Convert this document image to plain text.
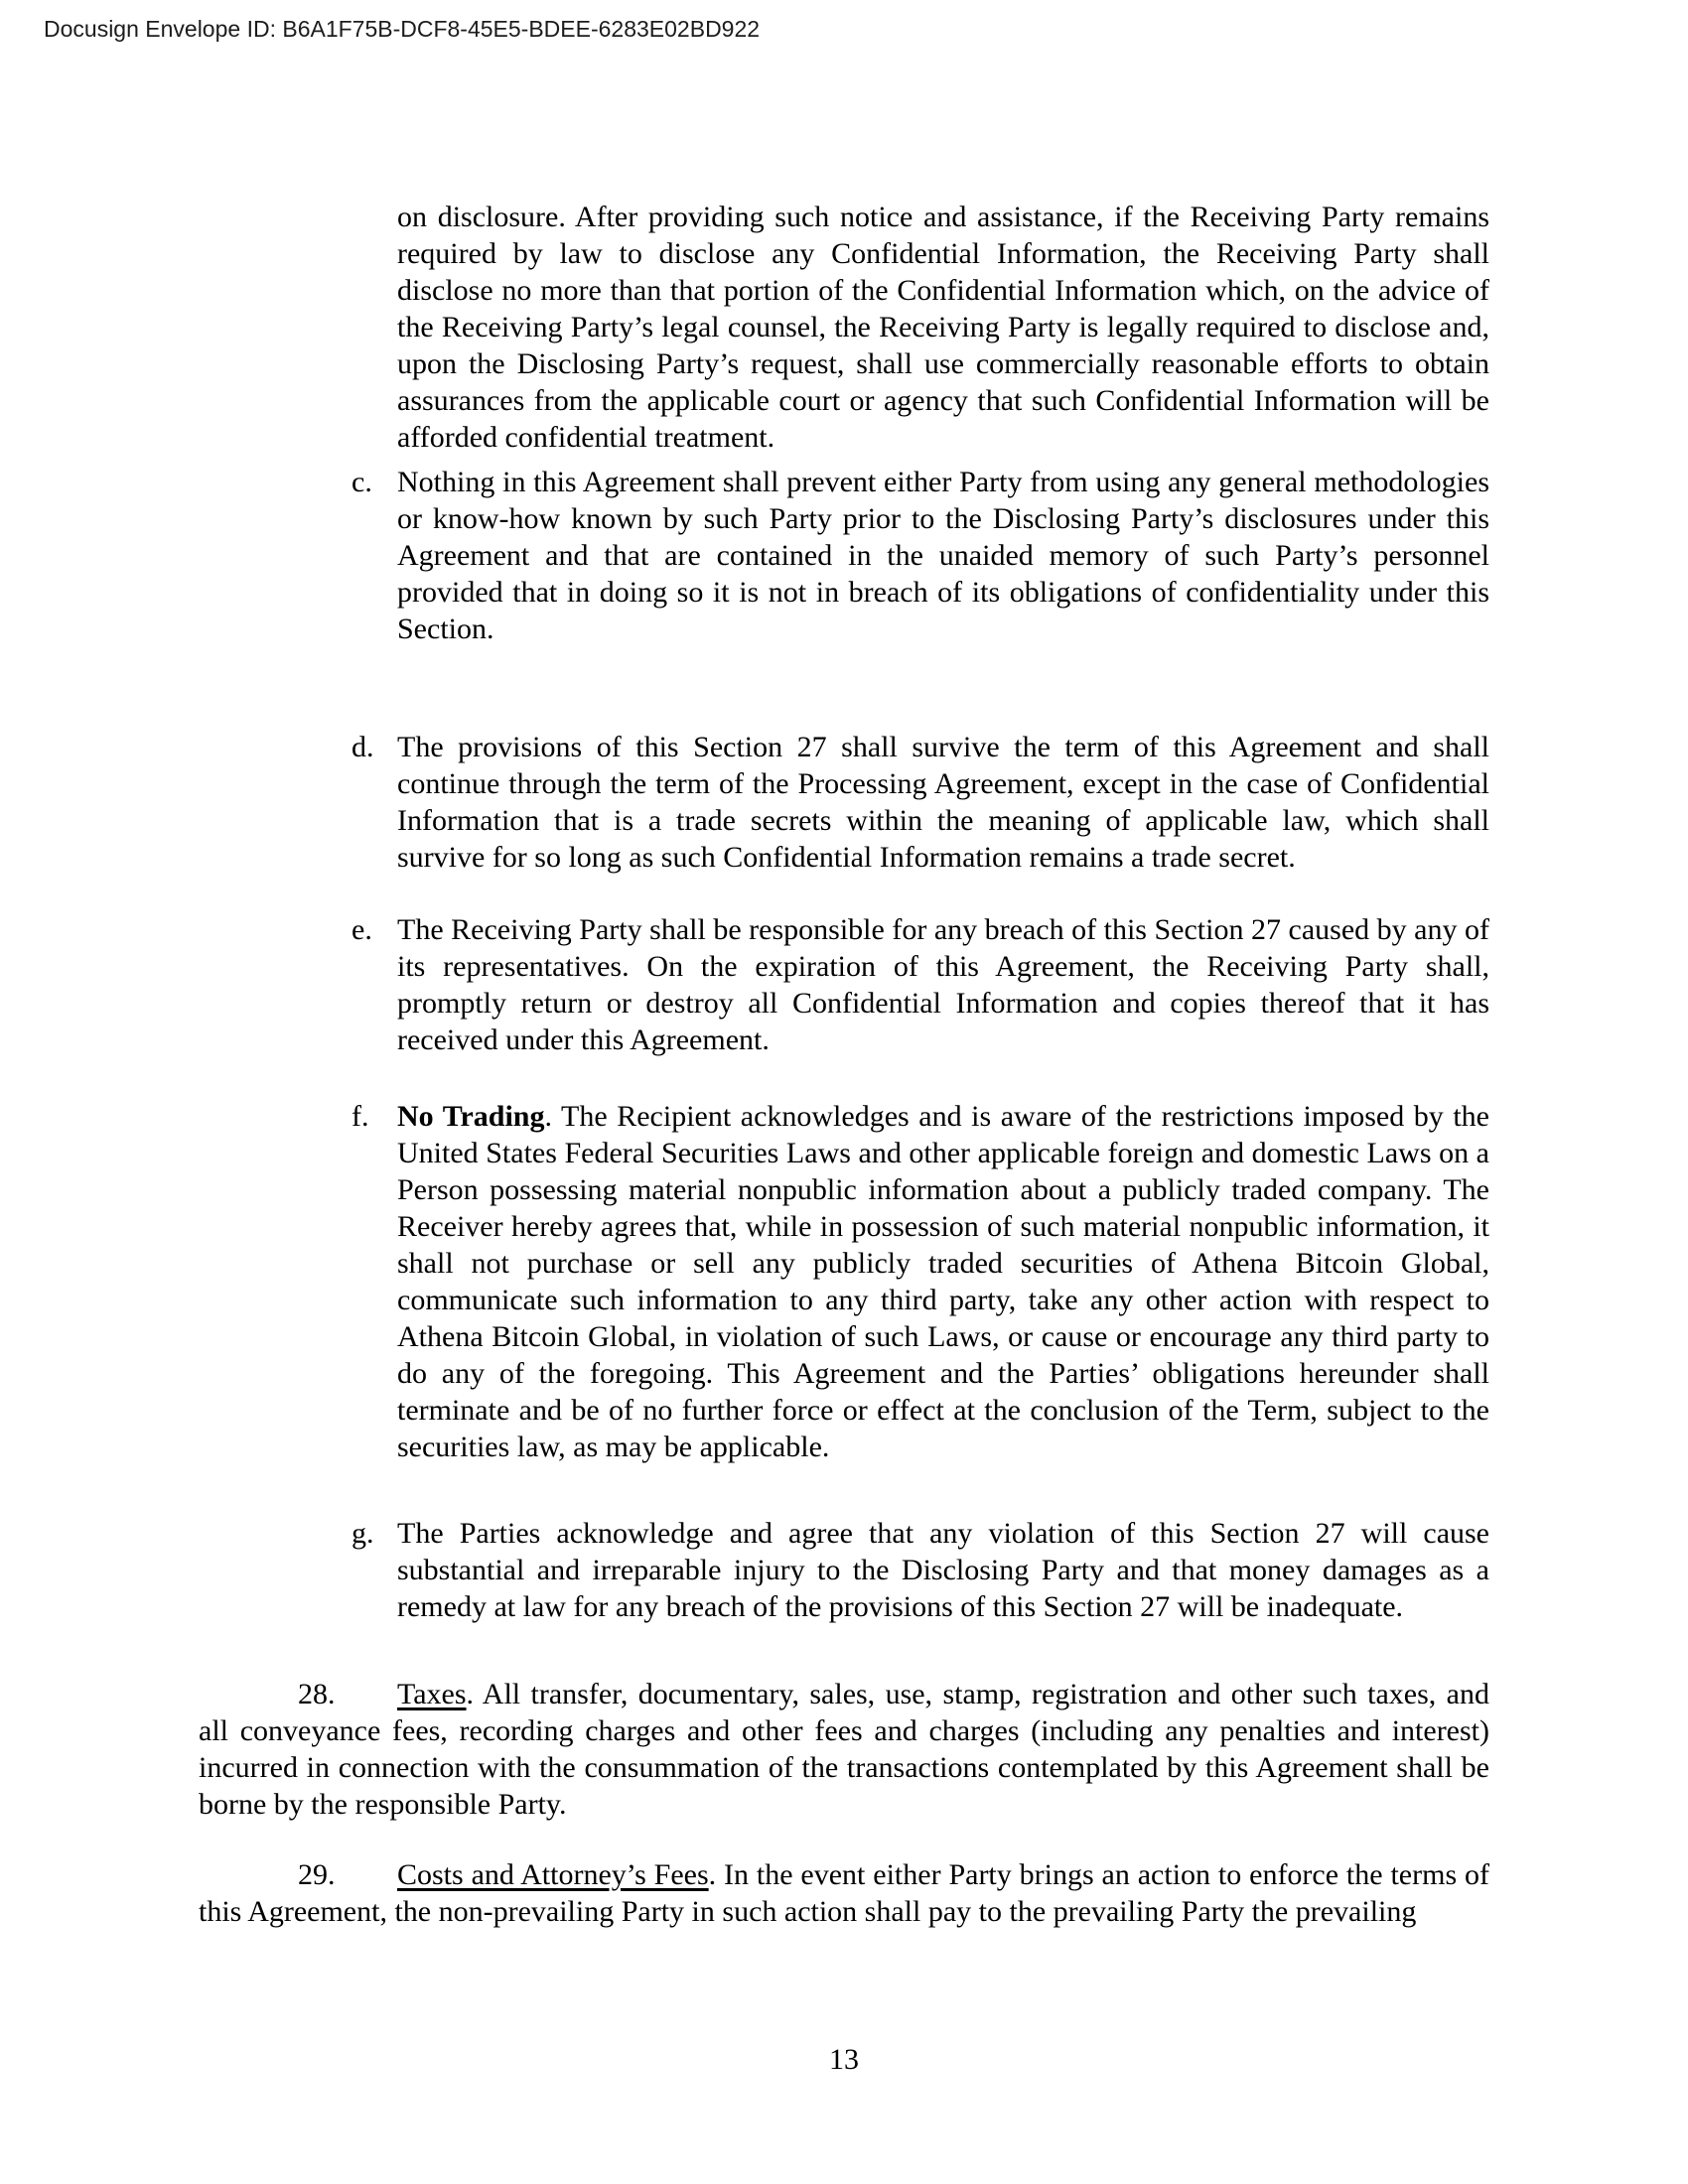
Docusign Envelope ID: B6A1F75B-DCF8-45E5-BDEE-6283E02BD922

on disclosure. After providing such notice and assistance, if the Receiving Party remains required by law to disclose any Confidential Information, the Receiving Party shall disclose no more than that portion of the Confidential Information which, on the advice of the Receiving Party’s legal counsel, the Receiving Party is legally required to disclose and, upon the Disclosing Party’s request, shall use commercially reasonable efforts to obtain assurances from the applicable court or agency that such Confidential Information will be afforded confidential treatment.

c. Nothing in this Agreement shall prevent either Party from using any general methodologies or know-how known by such Party prior to the Disclosing Party’s disclosures under this Agreement and that are contained in the unaided memory of such Party’s personnel provided that in doing so it is not in breach of its obligations of confidentiality under this Section.

d. The provisions of this Section 27 shall survive the term of this Agreement and shall continue through the term of the Processing Agreement, except in the case of Confidential Information that is a trade secrets within the meaning of applicable law, which shall survive for so long as such Confidential Information remains a trade secret.

e. The Receiving Party shall be responsible for any breach of this Section 27 caused by any of its representatives. On the expiration of this Agreement, the Receiving Party shall, promptly return or destroy all Confidential Information and copies thereof that it has received under this Agreement.

f. No Trading. The Recipient acknowledges and is aware of the restrictions imposed by the United States Federal Securities Laws and other applicable foreign and domestic Laws on a Person possessing material nonpublic information about a publicly traded company. The Receiver hereby agrees that, while in possession of such material nonpublic information, it shall not purchase or sell any publicly traded securities of Athena Bitcoin Global, communicate such information to any third party, take any other action with respect to Athena Bitcoin Global, in violation of such Laws, or cause or encourage any third party to do any of the foregoing. This Agreement and the Parties’ obligations hereunder shall terminate and be of no further force or effect at the conclusion of the Term, subject to the securities law, as may be applicable.

g. The Parties acknowledge and agree that any violation of this Section 27 will cause substantial and irreparable injury to the Disclosing Party and that money damages as a remedy at law for any breach of the provisions of this Section 27 will be inadequate.

28. Taxes. All transfer, documentary, sales, use, stamp, registration and other such taxes, and all conveyance fees, recording charges and other fees and charges (including any penalties and interest) incurred in connection with the consummation of the transactions contemplated by this Agreement shall be borne by the responsible Party.

29. Costs and Attorney’s Fees. In the event either Party brings an action to enforce the terms of this Agreement, the non-prevailing Party in such action shall pay to the prevailing Party the prevailing

13
